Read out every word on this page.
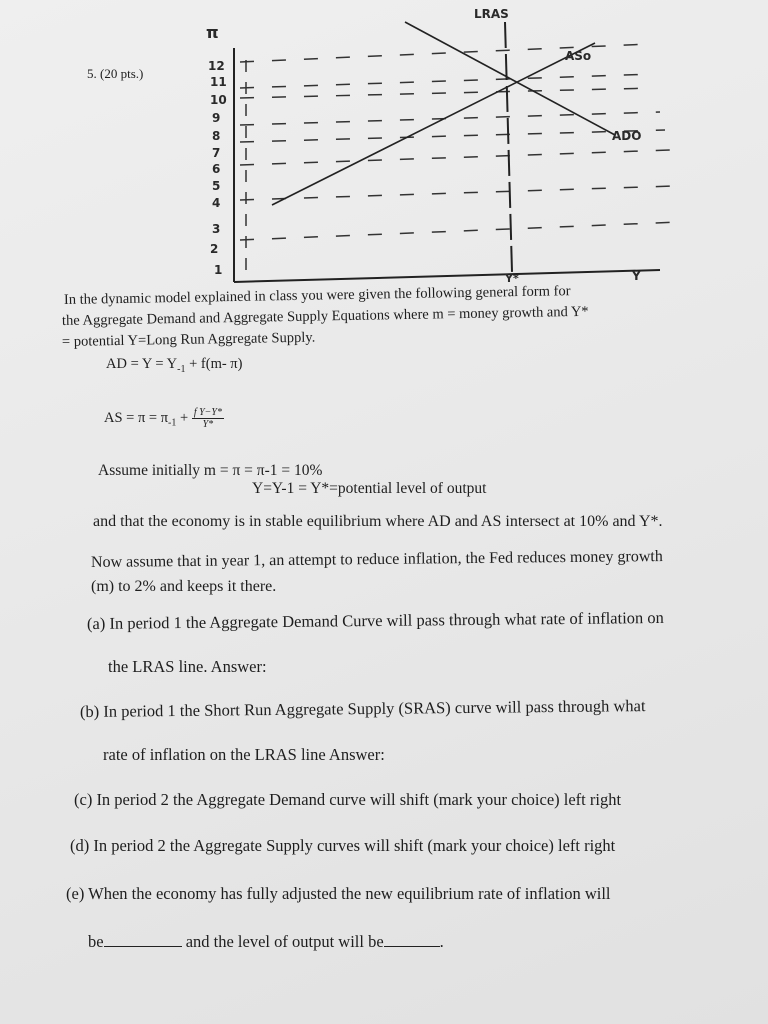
5. (20 pts.)	12
11
10
9
8
7
6
5
4
3
2
1
π
LRAS
ASo
ADO
Y*	Y
In the dynamic model explained in class you were given the following general form for
the Aggregate Demand and Aggregate Supply Equations where m = money growth and Y*
= potential Y=Long Run Aggregate Supply.
AD = $Y = Y_{-1} + f(m-$ π)
AS = $\pi = \pi_{-1} + \frac{\text{f Y−Y*}}{Y*}$
Assume initially m = π = π-1 = 10%
Y=Y-1 = Y*=potential level of output
and that the economy is in stable equilibrium where AD and AS intersect at 10% and Y*.
Now assume that in year 1, an attempt to reduce inflation, the Fed reduces money growth
(m) to 2% and keeps it there.
(a) In period 1 the Aggregate Demand Curve will pass through what rate of inflation on
the LRAS line. Answer:
(b) In period 1 the Short Run Aggregate Supply (SRAS) curve will pass through what
rate of inflation on the LRAS line Answer:
(c) In period 2 the Aggregate Demand curve will shift (mark your choice) left right
(d) In period 2 the Aggregate Supply curves will shift (mark your choice) left right
(e) When the economy has fully adjusted the new equilibrium rate of inflation will
be	and the level of output will be	.
